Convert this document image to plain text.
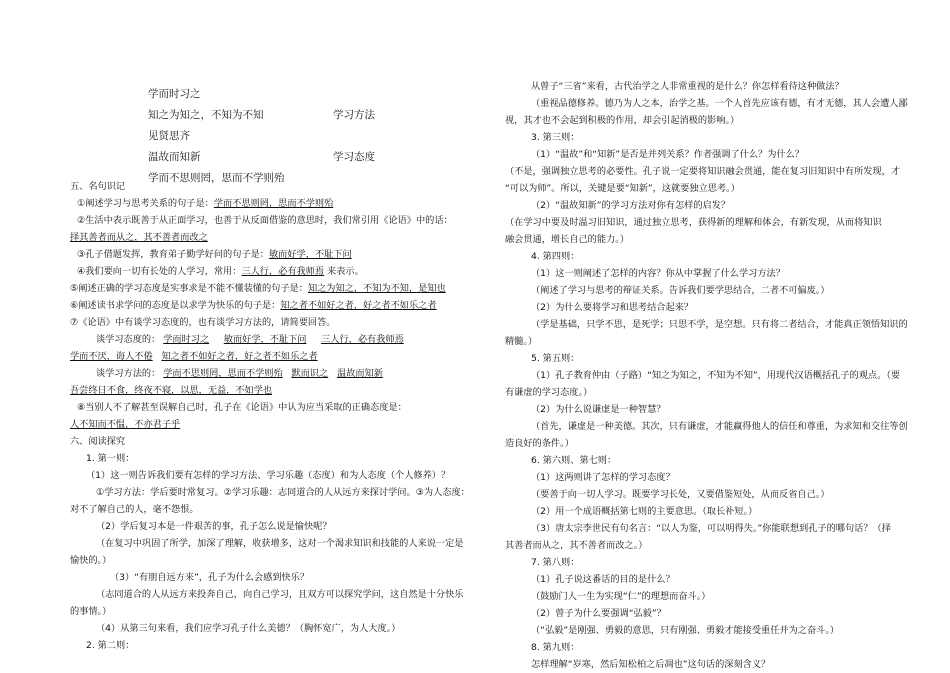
学而时习之
知之为知之，不知为不知	学习方法
见贤思齐
温故而知新	学习态度
学而不思则罔，思而不学则殆
五、名句识记
①阐述学习与思考关系的句子是：学而不思则罔，思而不学则殆
②生活中表示既善于从正面学习，也善于从反面借鉴的意思时，我们常引用《论语》中的话：
择其善者而从之，其不善者而改之
③孔子借题发挥，教育弟子勤学好问的句子是：敏而好学，不耻下问
④我们要向一切有长处的人学习，常用：三人行，必有我师焉 来表示。
⑤阐述正确的学习态度是实事求是不能不懂装懂的句子是：知之为知之，不知为不知，是知也
⑥阐述读书求学问的态度是以求学为快乐的句子是：知之者不如好之者，好之者不如乐之者
⑦《论语》中有谈学习态度的，也有谈学习方法的，请简要回答。
谈学习态度的： 学而时习之 敏而好学，不耻下问 三人行，必有我师焉
学而不厌，诲人不倦 知之者不如好之者，好之者不如乐之者
谈学习方法的： 学而不思则罔，思而不学则殆 默而识之 温故而知新
吾尝终日不食，终夜不寝，以思，无益，不如学也
⑧当别人不了解甚至误解自己时，孔子在《论语》中认为应当采取的正确态度是：
人不知而不愠，不亦君子乎
六、阅读探究
1. 第一则：
（1）这一则告诉我们要有怎样的学习方法、学习乐趣（态度）和为人态度（个人修养）？
①学习方法：学后要时常复习。②学习乐趣：志同道合的人从远方来探讨学问。③为人态度：
对不了解自己的人，毫不怨恨。
（2）学后复习本是一件艰苦的事，孔子怎么说是愉快呢？
（在复习中巩固了所学，加深了理解，收获增多，这对一个渴求知识和技能的人来说一定是
愉快的。）
（3）“有朋自远方来”，孔子为什么会感到快乐？
（志同道合的人从远方来投奔自己，向自己学习，且双方可以探究学问，这自然是十分快乐
的事情。）
（4）从第三句来看，我们应学习孔子什么美德？（胸怀宽广，为人大度。）
2. 第二则：
从曾子“三省”来看，古代治学之人非常重视的是什么？你怎样看待这种做法？
（重视品德修养。德乃为人之本，治学之基。一个人首先应该有德，有才无德，其人会遭人鄙
视，其才也不会起到积极的作用，却会引起消极的影响。）
3. 第三则：
（1）“温故”和“知新”是否是并列关系？作者强调了什么？为什么？
（不是，强调独立思考的必要性。孔子说一定要将知识融会贯通，能在复习旧知识中有所发现，才
“可以为师”。所以，关键是要“知新”，这就要独立思考。）
（2）“温故知新”的学习方法对你有怎样的启发？
（在学习中要及时温习旧知识，通过独立思考，获得新的理解和体会，有新发现，从而将知识
融会贯通，增长自己的能力。）
4. 第四则：
（1）这一则阐述了怎样的内容？你从中掌握了什么学习方法？
（阐述了学习与思考的辩证关系。告诉我们要学思结合，二者不可偏废。）
（2）为什么要将学习和思考结合起来？
（学是基础，只学不思，是死学；只思不学，是空想。只有将二者结合，才能真正领悟知识的
精髓。）
5. 第五则：
（1）孔子教育仲由（子路）“知之为知之，不知为不知”，用现代汉语概括孔子的观点。（要
有谦虚的学习态度。）
（2）为什么说谦虚是一种智慧？
（首先，谦虚是一种美德。其次，只有谦虚，才能赢得他人的信任和尊重，为求知和交往等创
造良好的条件。）
6. 第六则、第七则：
（1）这两则讲了怎样的学习态度？
（要善于向一切人学习。既要学习长处，又要借鉴短处，从而反省自己。）
（2）用一个成语概括第七则的主要意思。（取长补短。）
（3）唐太宗李世民有句名言：“以人为鉴，可以明得失。”你能联想到孔子的哪句话？（择
其善者而从之，其不善者而改之。）
7. 第八则：
（1）孔子说这番话的目的是什么？
（鼓励门人一生为实现“仁”的理想而奋斗。）
（2）曾子为什么要强调“弘毅”？
（“弘毅”是刚强、勇毅的意思，只有刚强、勇毅才能接受重任并为之奋斗。）
8. 第九则：
怎样理解“岁寒，然后知松柏之后凋也”这句话的深刻含义？
